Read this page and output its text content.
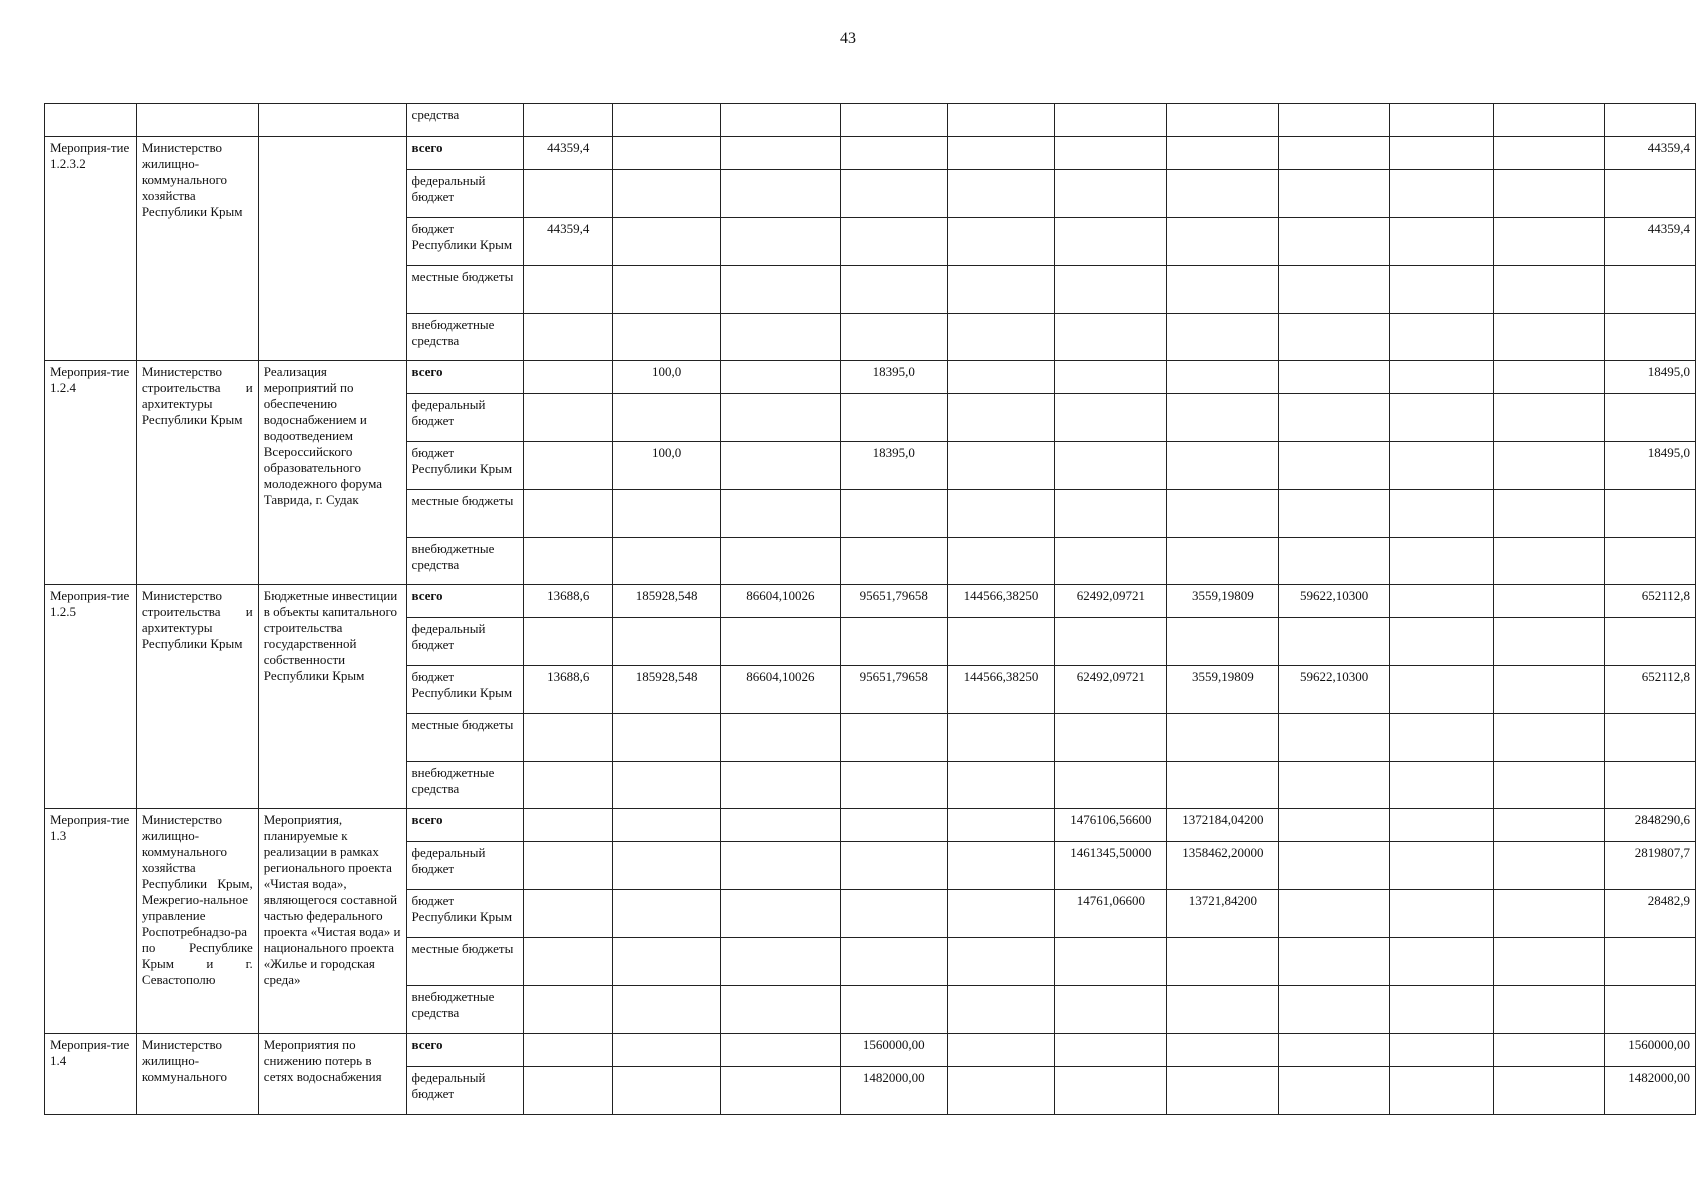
43
			средства											
Мероприя-тие 1.2.3.2	Министерство жилищно-коммунального хозяйства Республики Крым		всего	44359,4										44359,4
			федеральный бюджет											
			бюджет Республики Крым	44359,4										44359,4
			местные бюджеты											
			внебюджетные средства											
Мероприя-тие 1.2.4	Министерство строительства и архитектуры Республики Крым	Реализация мероприятий по обеспечению водоснабжением и водоотведением Всероссийского образовательного молодежного форума Таврида, г. Судак	всего		100,0		18395,0							18495,0
			федеральный бюджет											
			бюджет Республики Крым		100,0		18395,0							18495,0
			местные бюджеты											
			внебюджетные средства											
Мероприя-тие 1.2.5	Министерство строительства и архитектуры Республики Крым	Бюджетные инвестиции в объекты капитального строительства государственной собственности Республики Крым	всего	13688,6	185928,548	86604,10026	95651,79658	144566,38250	62492,09721	3559,19809	59622,10300			652112,8
			федеральный бюджет											
			бюджет Республики Крым	13688,6	185928,548	86604,10026	95651,79658	144566,38250	62492,09721	3559,19809	59622,10300			652112,8
			местные бюджеты											
			внебюджетные средства											
Мероприя-тие 1.3	Министерство жилищно-коммунального хозяйства Республики Крым, Межрегио-нальное управление Роспотребнадзо-ра по Республике Крым и г. Севастополю	Мероприятия, планируемые к реализации в рамках регионального проекта «Чистая вода», являющегося составной частью федерального проекта «Чистая вода» и национального проекта «Жилье и городская среда»	всего						1476106,56600	1372184,04200				2848290,6
			федеральный бюджет						1461345,50000	1358462,20000				2819807,7
			бюджет Республики Крым						14761,06600	13721,84200				28482,9
			местные бюджеты											
			внебюджетные средства											
Мероприя-тие 1.4	Министерство жилищно-коммунального	Мероприятия по снижению потерь в сетях водоснабжения	всего				1560000,00							1560000,00
			федеральный бюджет				1482000,00							1482000,00
